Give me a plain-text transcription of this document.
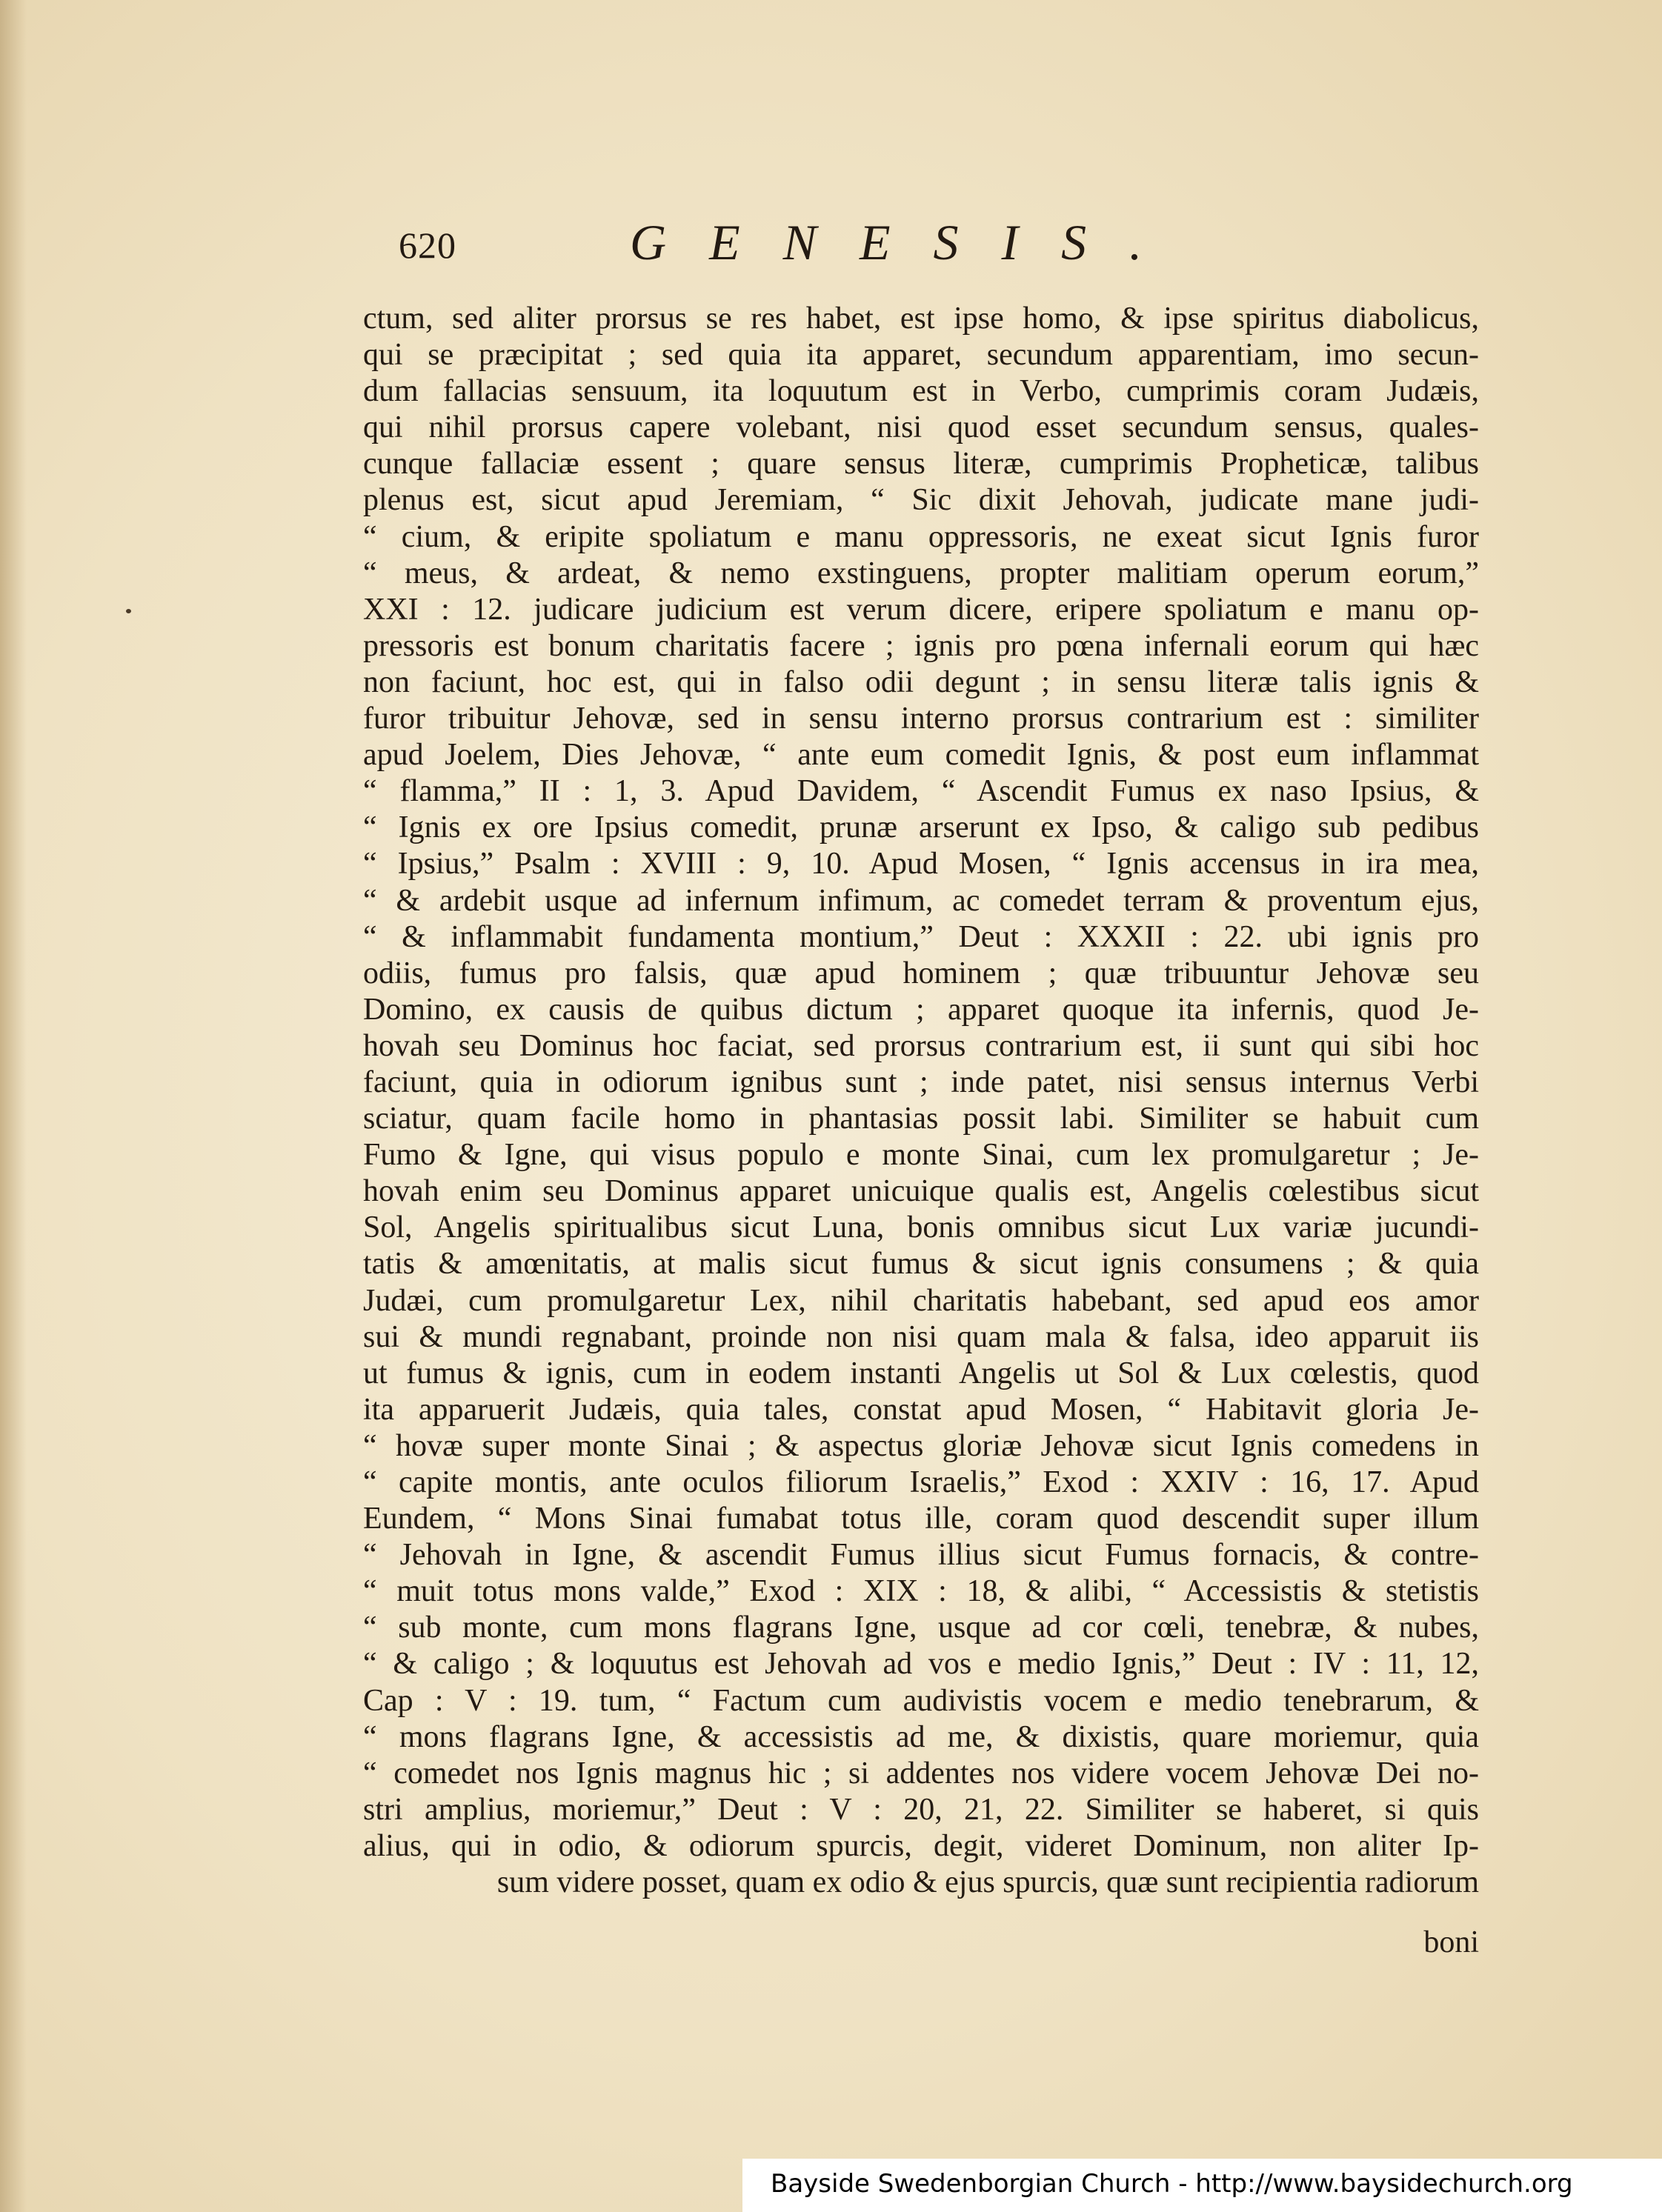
620	GENESIS.
ctum, sed aliter prorsus se res habet, est ipse homo, & ipse spiritus diabolicus,
qui se præcipitat ; sed quia ita apparet, secundum apparentiam, imo secun-
dum fallacias sensuum, ita loquutum est in Verbo, cumprimis coram Judæis,
qui nihil prorsus capere volebant, nisi quod esset secundum sensus, quales-
cunque fallaciæ essent ; quare sensus literæ, cumprimis Propheticæ, talibus
plenus est, sicut apud Jeremiam, “ Sic dixit Jehovah, judicate mane judi-
“ cium, & eripite spoliatum e manu oppressoris, ne exeat sicut Ignis furor
“ meus, & ardeat, & nemo exstinguens, propter malitiam operum eorum,”
XXI : 12. judicare judicium est verum dicere, eripere spoliatum e manu op-
pressoris est bonum charitatis facere ; ignis pro pœna infernali eorum qui hæc
non faciunt, hoc est, qui in falso odii degunt ; in sensu literæ talis ignis &
furor tribuitur Jehovæ, sed in sensu interno prorsus contrarium est : similiter
apud Joelem, Dies Jehovæ, “ ante eum comedit Ignis, & post eum inflammat
“ flamma,” II : 1, 3. Apud Davidem, “ Ascendit Fumus ex naso Ipsius, &
“ Ignis ex ore Ipsius comedit, prunæ arserunt ex Ipso, & caligo sub pedibus
“ Ipsius,” Psalm : XVIII : 9, 10. Apud Mosen, “ Ignis accensus in ira mea,
“ & ardebit usque ad infernum infimum, ac comedet terram & proventum ejus,
“ & inflammabit fundamenta montium,” Deut : XXXII : 22. ubi ignis pro
odiis, fumus pro falsis, quæ apud hominem ; quæ tribuuntur Jehovæ seu
Domino, ex causis de quibus dictum ; apparet quoque ita infernis, quod Je-
hovah seu Dominus hoc faciat, sed prorsus contrarium est, ii sunt qui sibi hoc
faciunt, quia in odiorum ignibus sunt ; inde patet, nisi sensus internus Verbi
sciatur, quam facile homo in phantasias possit labi. Similiter se habuit cum
Fumo & Igne, qui visus populo e monte Sinai, cum lex promulgaretur ; Je-
hovah enim seu Dominus apparet unicuique qualis est, Angelis cœlestibus sicut
Sol, Angelis spiritualibus sicut Luna, bonis omnibus sicut Lux variæ jucundi-
tatis & amœnitatis, at malis sicut fumus & sicut ignis consumens ; & quia
Judæi, cum promulgaretur Lex, nihil charitatis habebant, sed apud eos amor
sui & mundi regnabant, proinde non nisi quam mala & falsa, ideo apparuit iis
ut fumus & ignis, cum in eodem instanti Angelis ut Sol & Lux cœlestis, quod
ita apparuerit Judæis, quia tales, constat apud Mosen, “ Habitavit gloria Je-
“ hovæ super monte Sinai ; & aspectus gloriæ Jehovæ sicut Ignis comedens in
“ capite montis, ante oculos filiorum Israelis,” Exod : XXIV : 16, 17. Apud
Eundem, “ Mons Sinai fumabat totus ille, coram quod descendit super illum
“ Jehovah in Igne, & ascendit Fumus illius sicut Fumus fornacis, & contre-
“ muit totus mons valde,” Exod : XIX : 18, & alibi, “ Accessistis & stetistis
“ sub monte, cum mons flagrans Igne, usque ad cor cœli, tenebræ, & nubes,
“ & caligo ; & loquutus est Jehovah ad vos e medio Ignis,” Deut : IV : 11, 12,
Cap : V : 19. tum, “ Factum cum audivistis vocem e medio tenebrarum, &
“ mons flagrans Igne, & accessistis ad me, & dixistis, quare moriemur, quia
“ comedet nos Ignis magnus hic ; si addentes nos videre vocem Jehovæ Dei no-
stri amplius, moriemur,” Deut : V : 20, 21, 22. Similiter se haberet, si quis
alius, qui in odio, & odiorum spurcis, degit, videret Dominum, non aliter Ip-
sum videre posset, quam ex odio & ejus spurcis, quæ sunt recipientia radiorum
boni
Bayside Swedenborgian Church - http://www.baysidechurch.org
